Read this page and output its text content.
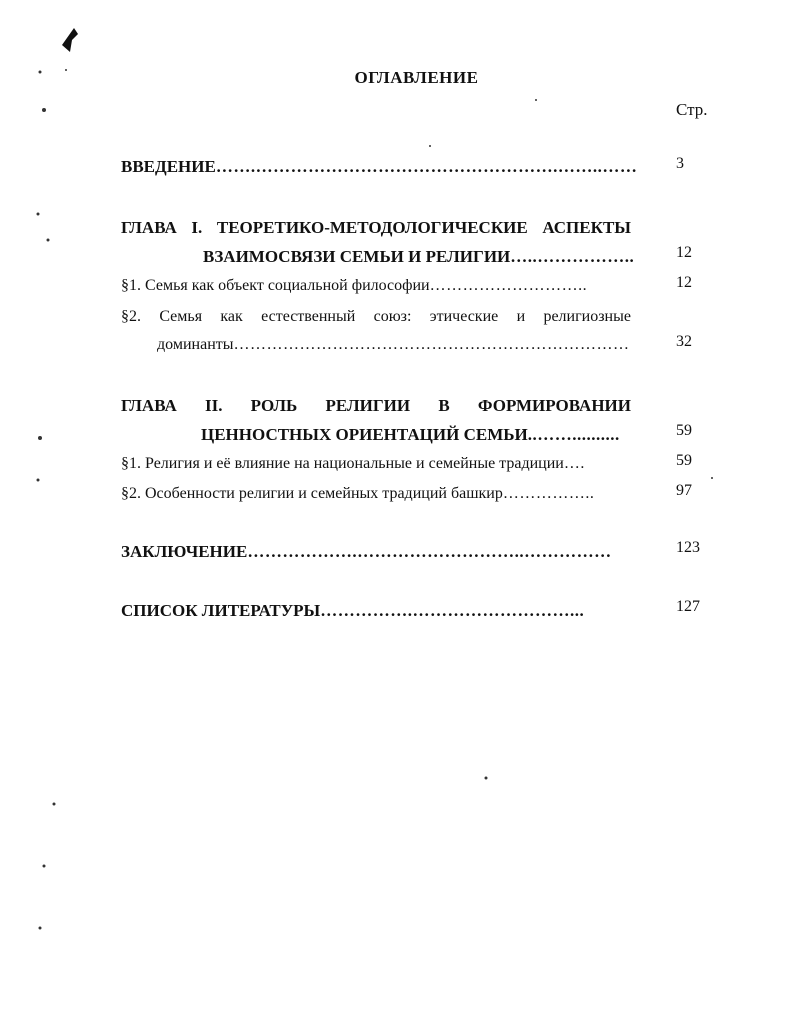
ОГЛАВЛЕНИЕ
Стр.
ВВЕДЕНИЕ…….…………………………………………….……..…… 3
ГЛАВА I. ТЕОРЕТИКО-МЕТОДОЛОГИЧЕСКИЕ АСПЕКТЫ
ВЗАИМОСВЯЗИ СЕМЬИ И РЕЛИГИИ…..……………..	12
§1. Семья как объект социальной философии………………………..	12
§2. Семья как естественный союз: этические и религиозные
доминанты………………………………………………………………	32
ГЛАВА II. РОЛЬ РЕЛИГИИ В ФОРМИРОВАНИИ
ЦЕННОСТНЫХ ОРИЕНТАЦИЙ СЕМЬИ..……..........	59
§1. Религия и её влияние на национальные и семейные традиции….	59
§2. Особенности религии и семейных традиций башкир……………..	97
ЗАКЛЮЧЕНИЕ……………….………………………..……………	123
СПИСОК ЛИТЕРАТУРЫ…………….………………………...	127
